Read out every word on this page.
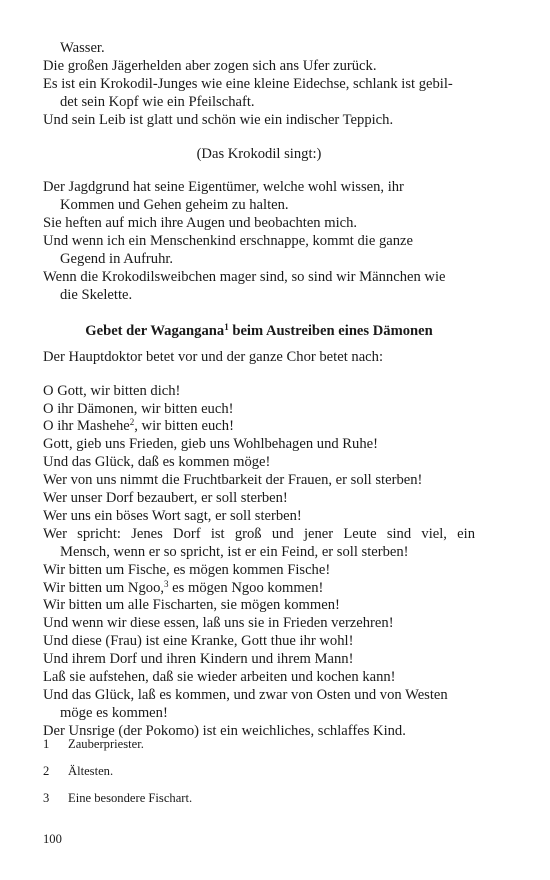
Wasser.
Die großen Jägerhelden aber zogen sich ans Ufer zurück.
Es ist ein Krokodil-Junges wie eine kleine Eidechse, schlank ist gebil-
det sein Kopf wie ein Pfeilschaft.
Und sein Leib ist glatt und schön wie ein indischer Teppich.
(Das Krokodil singt:)
Der Jagdgrund hat seine Eigentümer, welche wohl wissen, ihr
Kommen und Gehen geheim zu halten.
Sie heften auf mich ihre Augen und beobachten mich.
Und wenn ich ein Menschenkind erschnappe, kommt die ganze
Gegend in Aufruhr.
Wenn die Krokodilsweibchen mager sind, so sind wir Männchen wie
die Skelette.
Gebet der Wagangana$^1$ beim Austreiben eines Dämonen
Der Hauptdoktor betet vor und der ganze Chor betet nach:
O Gott, wir bitten dich!
O ihr Dämonen, wir bitten euch!
O ihr Mashehe$^2$, wir bitten euch!
Gott, gieb uns Frieden, gieb uns Wohlbehagen und Ruhe!
Und das Glück, daß es kommen möge!
Wer von uns nimmt die Fruchtbarkeit der Frauen, er soll sterben!
Wer unser Dorf bezaubert, er soll sterben!
Wer uns ein böses Wort sagt, er soll sterben!
Wer spricht: Jenes Dorf ist groß und jener Leute sind viel, ein
Mensch, wenn er so spricht, ist er ein Feind, er soll sterben!
Wir bitten um Fische, es mögen kommen Fische!
Wir bitten um Ngoo,$^3$ es mögen Ngoo kommen!
Wir bitten um alle Fischarten, sie mögen kommen!
Und wenn wir diese essen, laß uns sie in Frieden verzehren!
Und diese (Frau) ist eine Kranke, Gott thue ihr wohl!
Und ihrem Dorf und ihren Kindern und ihrem Mann!
Laß sie aufstehen, daß sie wieder arbeiten und kochen kann!
Und das Glück, laß es kommen, und zwar von Osten und von Westen
möge es kommen!
Der Unsrige (der Pokomo) ist ein weichliches, schlaffes Kind.
1	Zauberpriester.
2	Ältesten.
3	Eine besondere Fischart.
100
